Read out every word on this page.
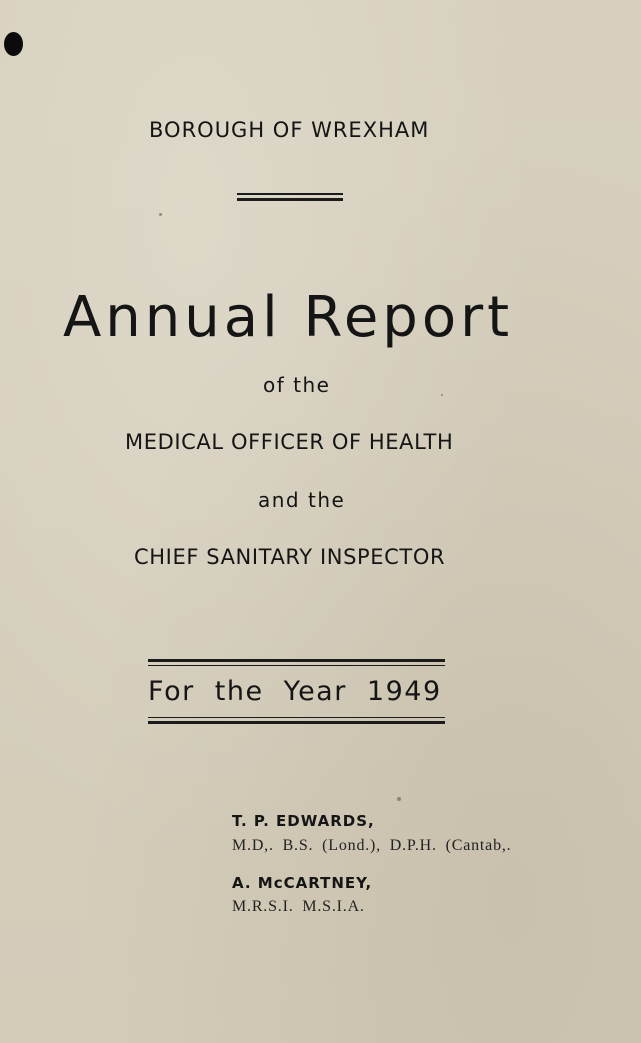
BOROUGH OF WREXHAM
Annual Report
of the
MEDICAL OFFICER OF HEALTH
and the
CHIEF SANITARY INSPECTOR
For the Year 1949
T. P. EDWARDS,
M.D,. B.S. (Lond.), D.P.H. (Cantab,.
A. McCARTNEY,
M.R.S.I. M.S.I.A.
